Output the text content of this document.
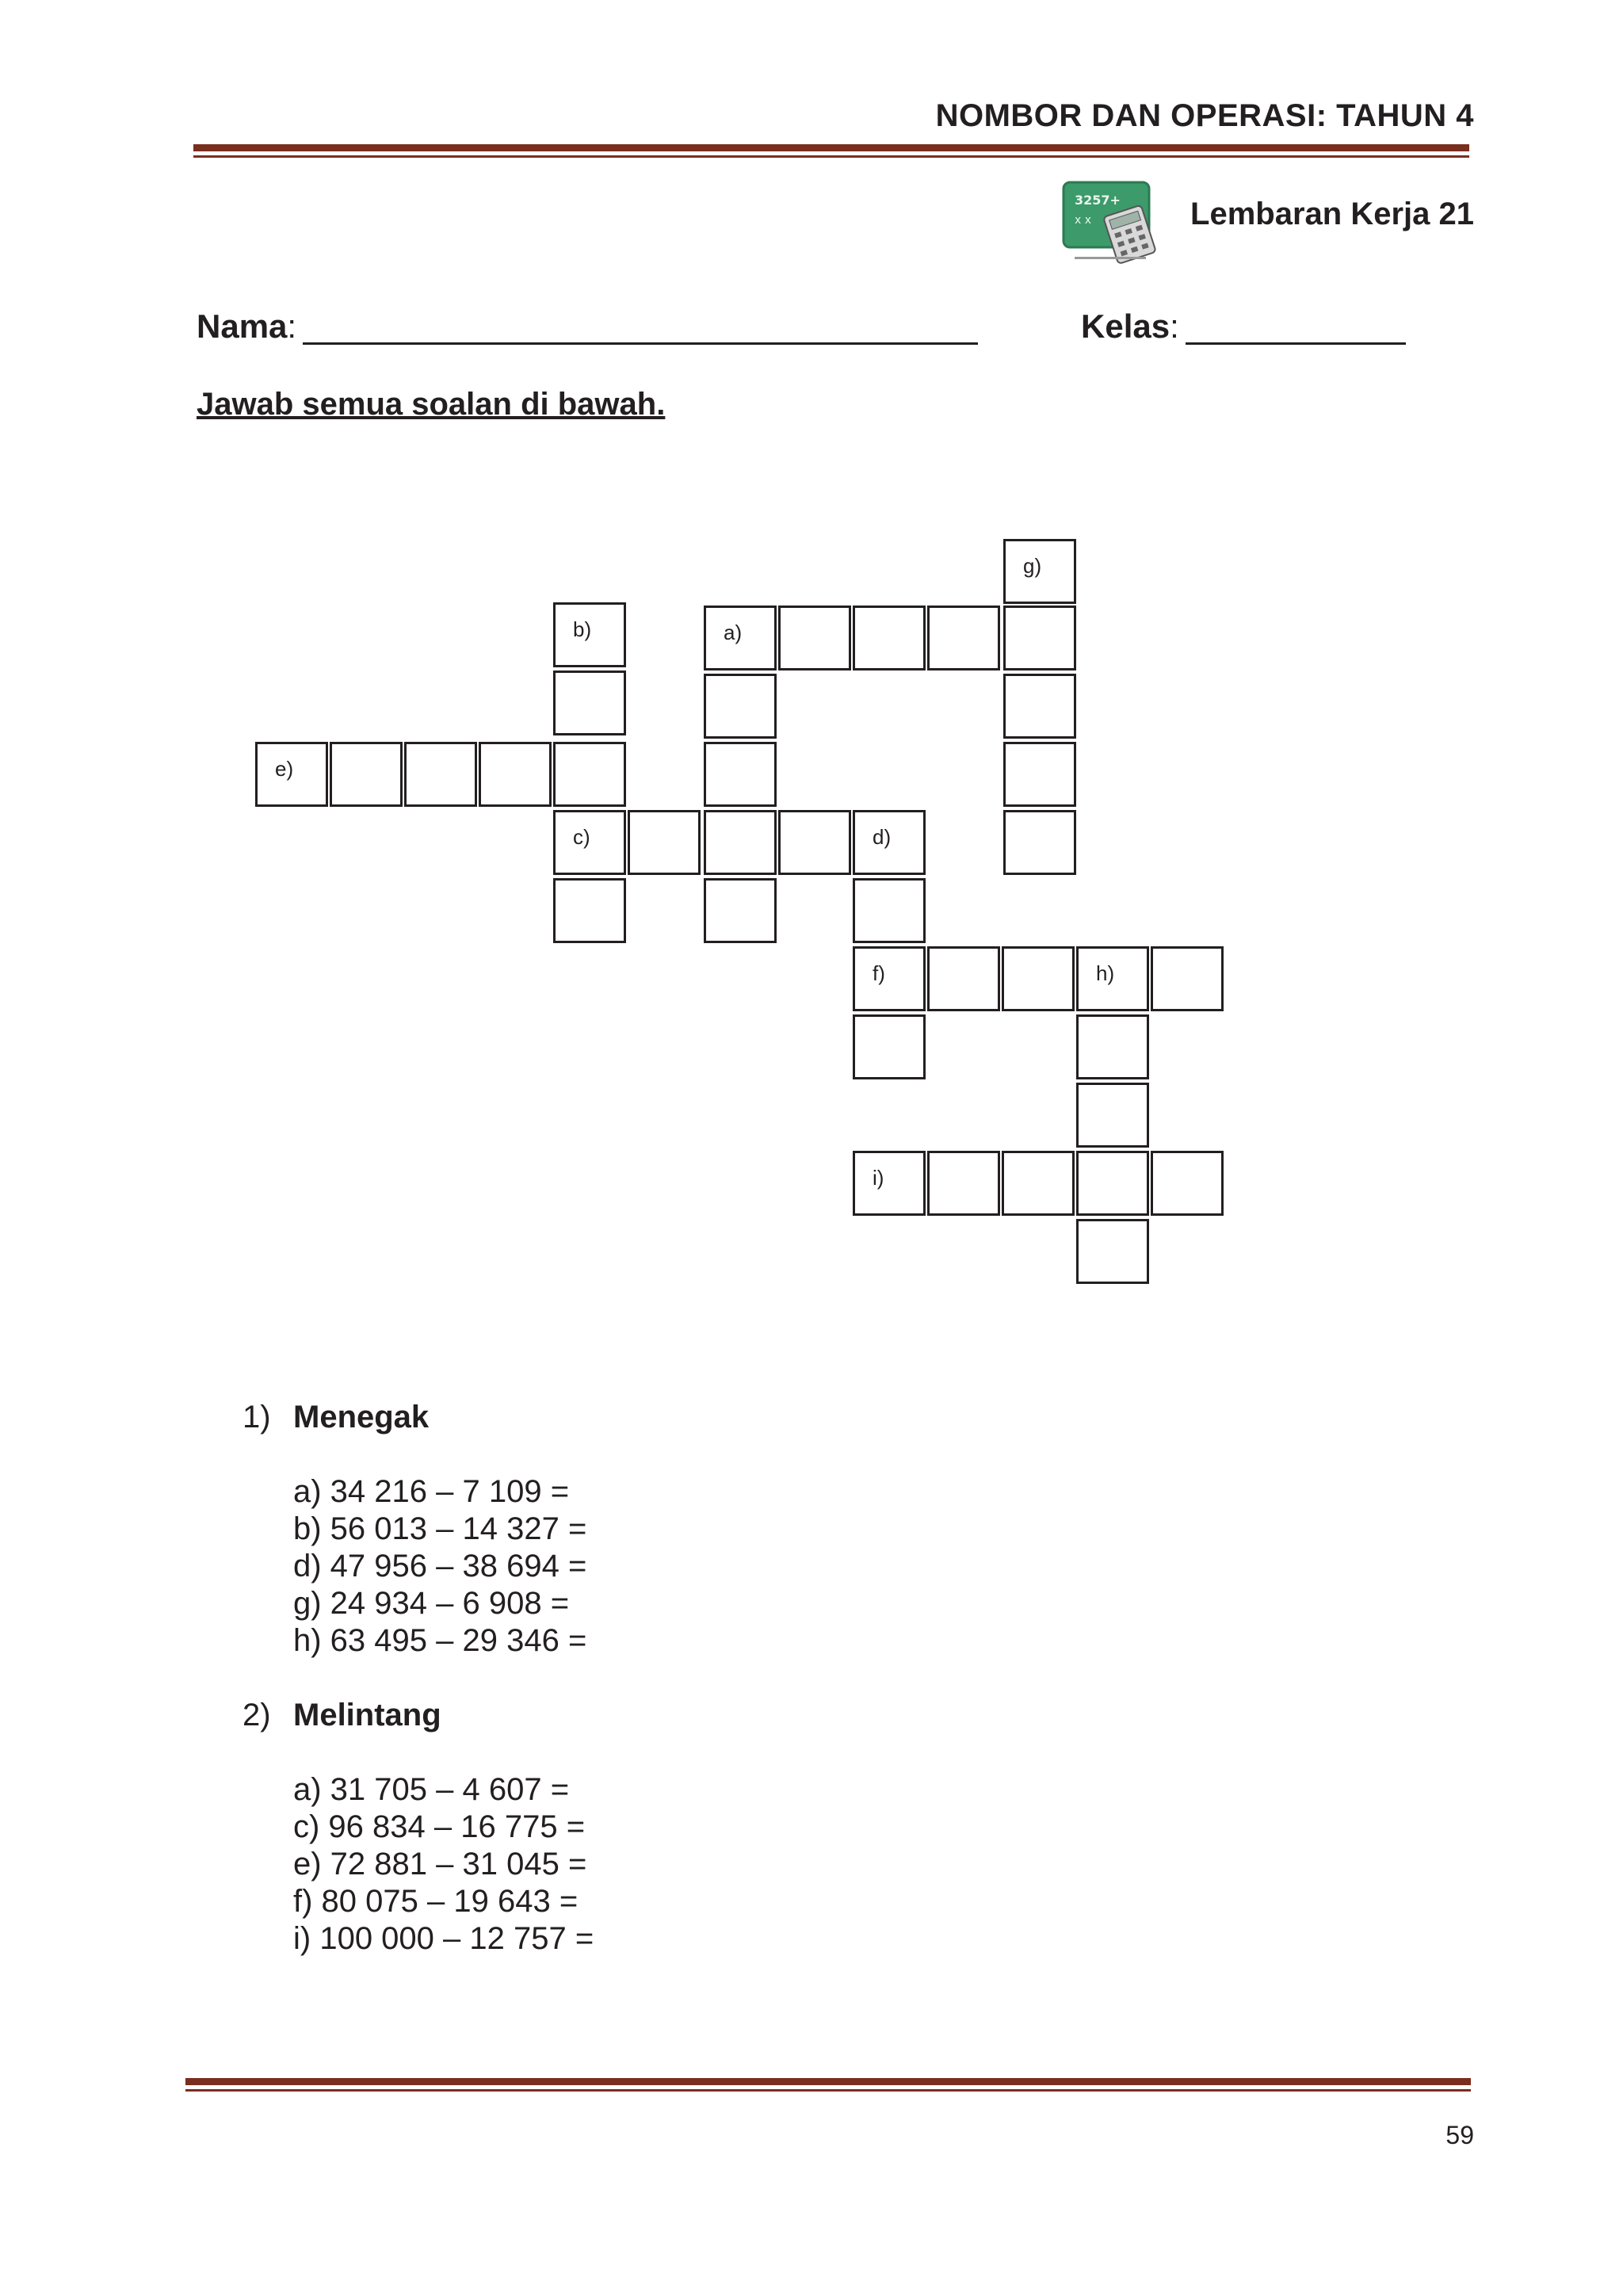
NOMBOR DAN OPERASI: TAHUN 4
3257+
x x	Lembaran Kerja 21
Nama:	Kelas:
Jawab semua soalan di bawah.
g)
a)
b)
e)
c)	d)
f)	h)
i)
1) Menegak
a) 34 216 – 7 109 =
b) 56 013 – 14 327 =
d) 47 956 – 38 694 =
g) 24 934 – 6 908 =
h) 63 495 – 29 346 =
2) Melintang
a) 31 705 – 4 607 =
c) 96 834 – 16 775 =
e) 72 881 – 31 045 =
f) 80 075 – 19 643 =
i) 100 000 – 12 757 =
59
